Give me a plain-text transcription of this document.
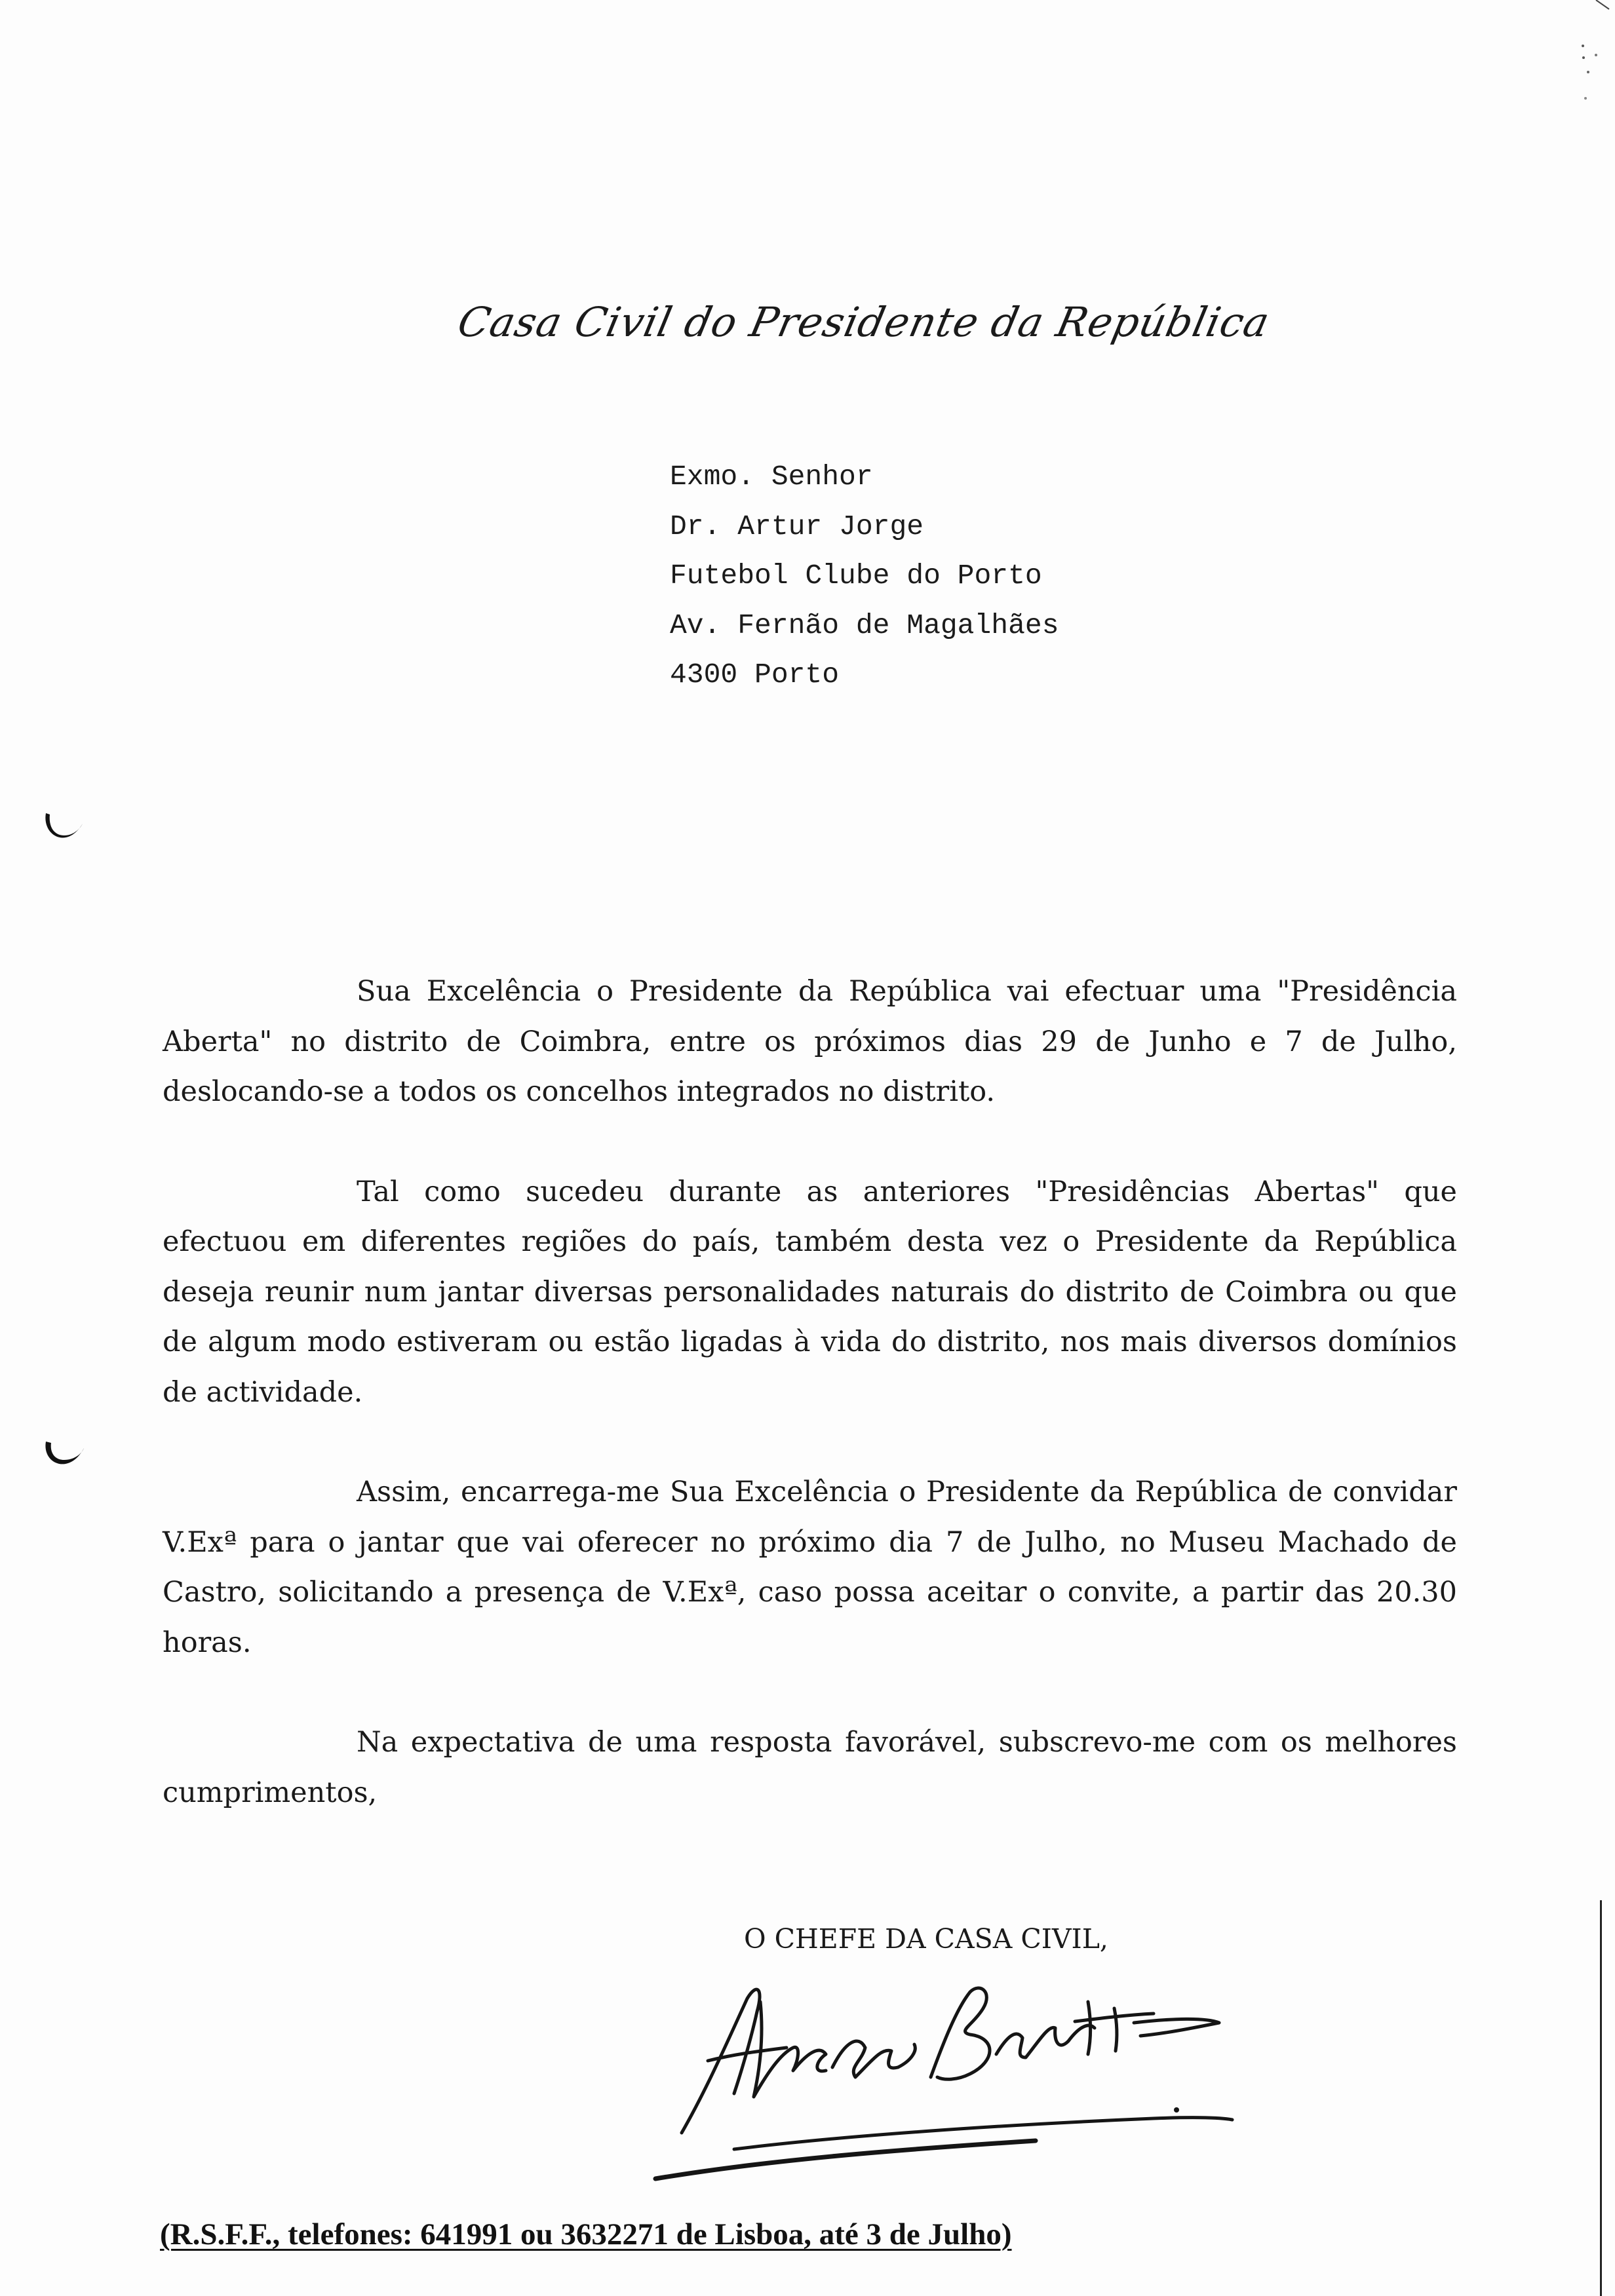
Casa Civil do Presidente da República
Exmo. Senhor
Dr. Artur Jorge
Futebol Clube do Porto
Av. Fernão de Magalhães
4300 Porto

Sua Excelência o Presidente da República vai efectuar uma "Presidência Aberta" no distrito de Coimbra, entre os próximos dias 29 de Junho e 7 de Julho, deslocando-se a todos os concelhos integrados no distrito.

Tal como sucedeu durante as anteriores "Presidências Abertas" que efectuou em diferentes regiões do país, também desta vez o Presidente da República deseja reunir num jantar diversas personalidades naturais do distrito de Coimbra ou que de algum modo estiveram ou estão ligadas à vida do distrito, nos mais diversos domínios de actividade.

Assim, encarrega-me Sua Excelência o Presidente da República de convidar V.Exª para o jantar que vai oferecer no próximo dia 7 de Julho, no Museu Machado de Castro, solicitando a presença de V.Exª, caso possa aceitar o convite, a partir das 20.30 horas.

Na expectativa de uma resposta favorável, subscrevo-me com os melhores cumprimentos,

O CHEFE DA CASA CIVIL,
(R.S.F.F., telefones: 641991 ou 3632271 de Lisboa, até 3 de Julho)
